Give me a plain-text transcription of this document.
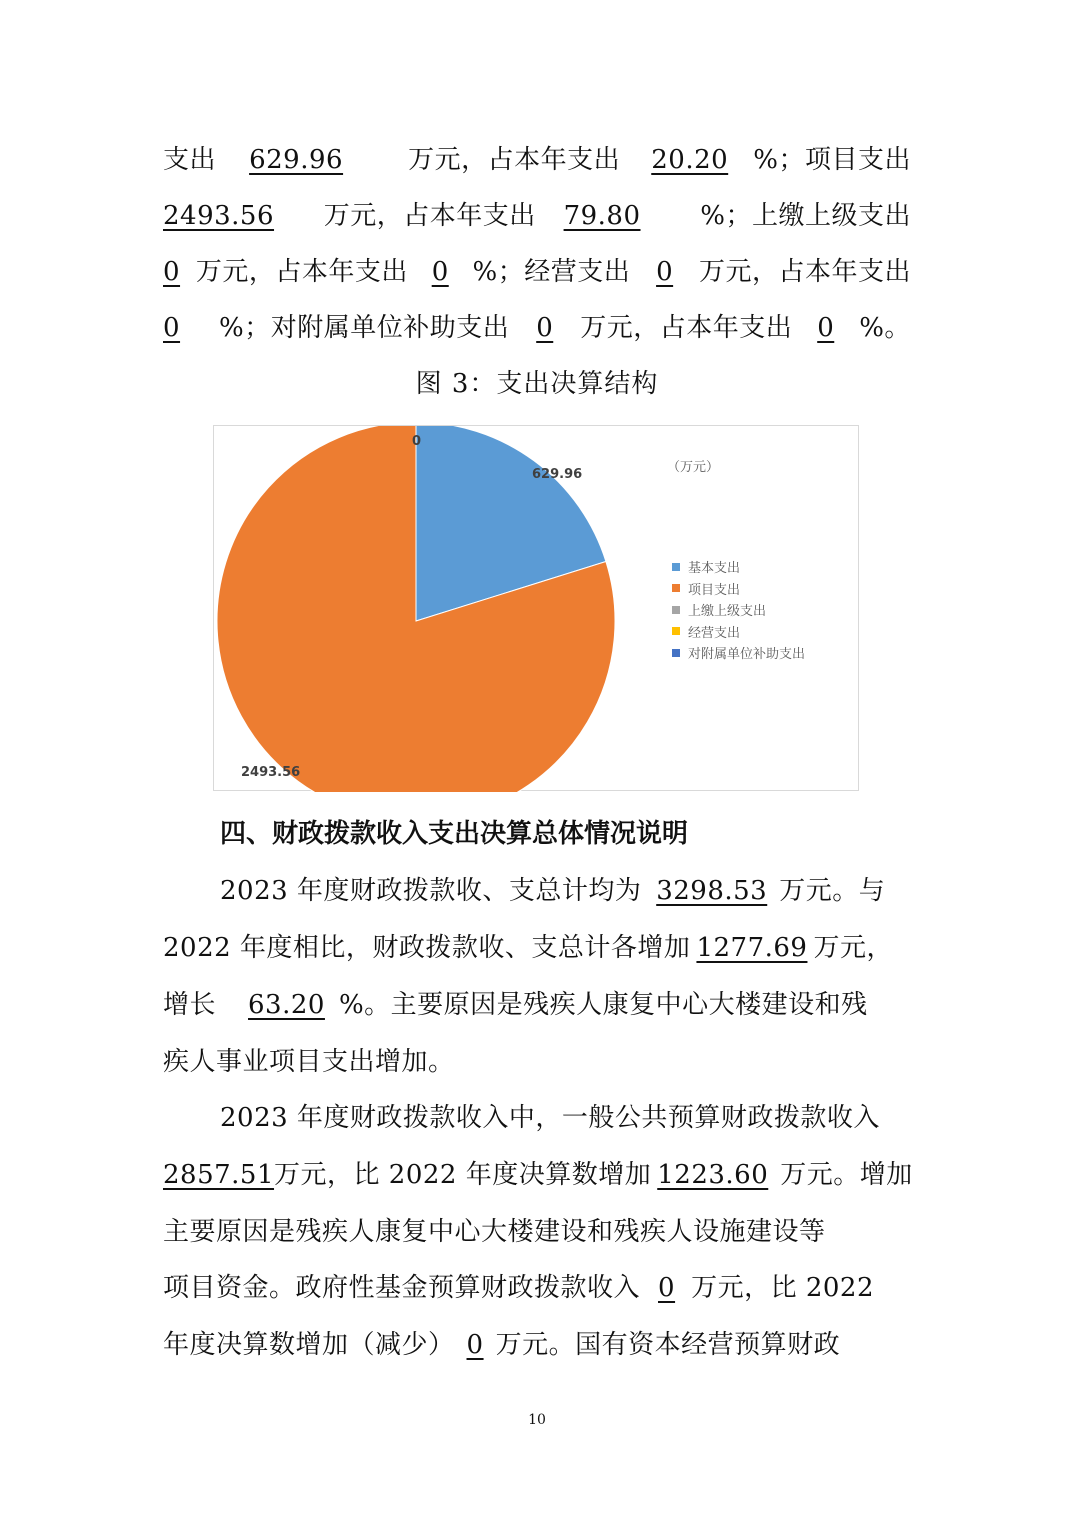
支出	629.96	万元，占本年支出 20.20 %；项目支出
2493.56	万元，占本年支出	79.80	%；上缴上级支出
0 万元，占本年支出 0 %；经营支出 0 万元，占本年支出
0	%；对附属单位补助支出	0	万元，占本年支出 0 %。
图 3：支出决算结构
0
629.96
2493.56
（万元）
基本支出
项目支出
上缴上级支出
经营支出
对附属单位补助支出
四、财政拨款收入支出决算总体情况说明
2023 年度财政拨款收、支总计均为 3298.53 万元。与
2022 年度相比，财政拨款收、支总计各增加 1277.69 万元，
增长 63.20 %。主要原因是残疾人康复中心大楼建设和残
疾人事业项目支出增加。
2023 年度财政拨款收入中，一般公共预算财政拨款收入
2857.51万元，比 2022 年度决算数增加 1223.60 万元。增加
主要原因是残疾人康复中心大楼建设和残疾人设施建设等
项目资金。政府性基金预算财政拨款收入 0 万元，比 2022
年度决算数增加（减少） 0 万元。国有资本经营预算财政
10
